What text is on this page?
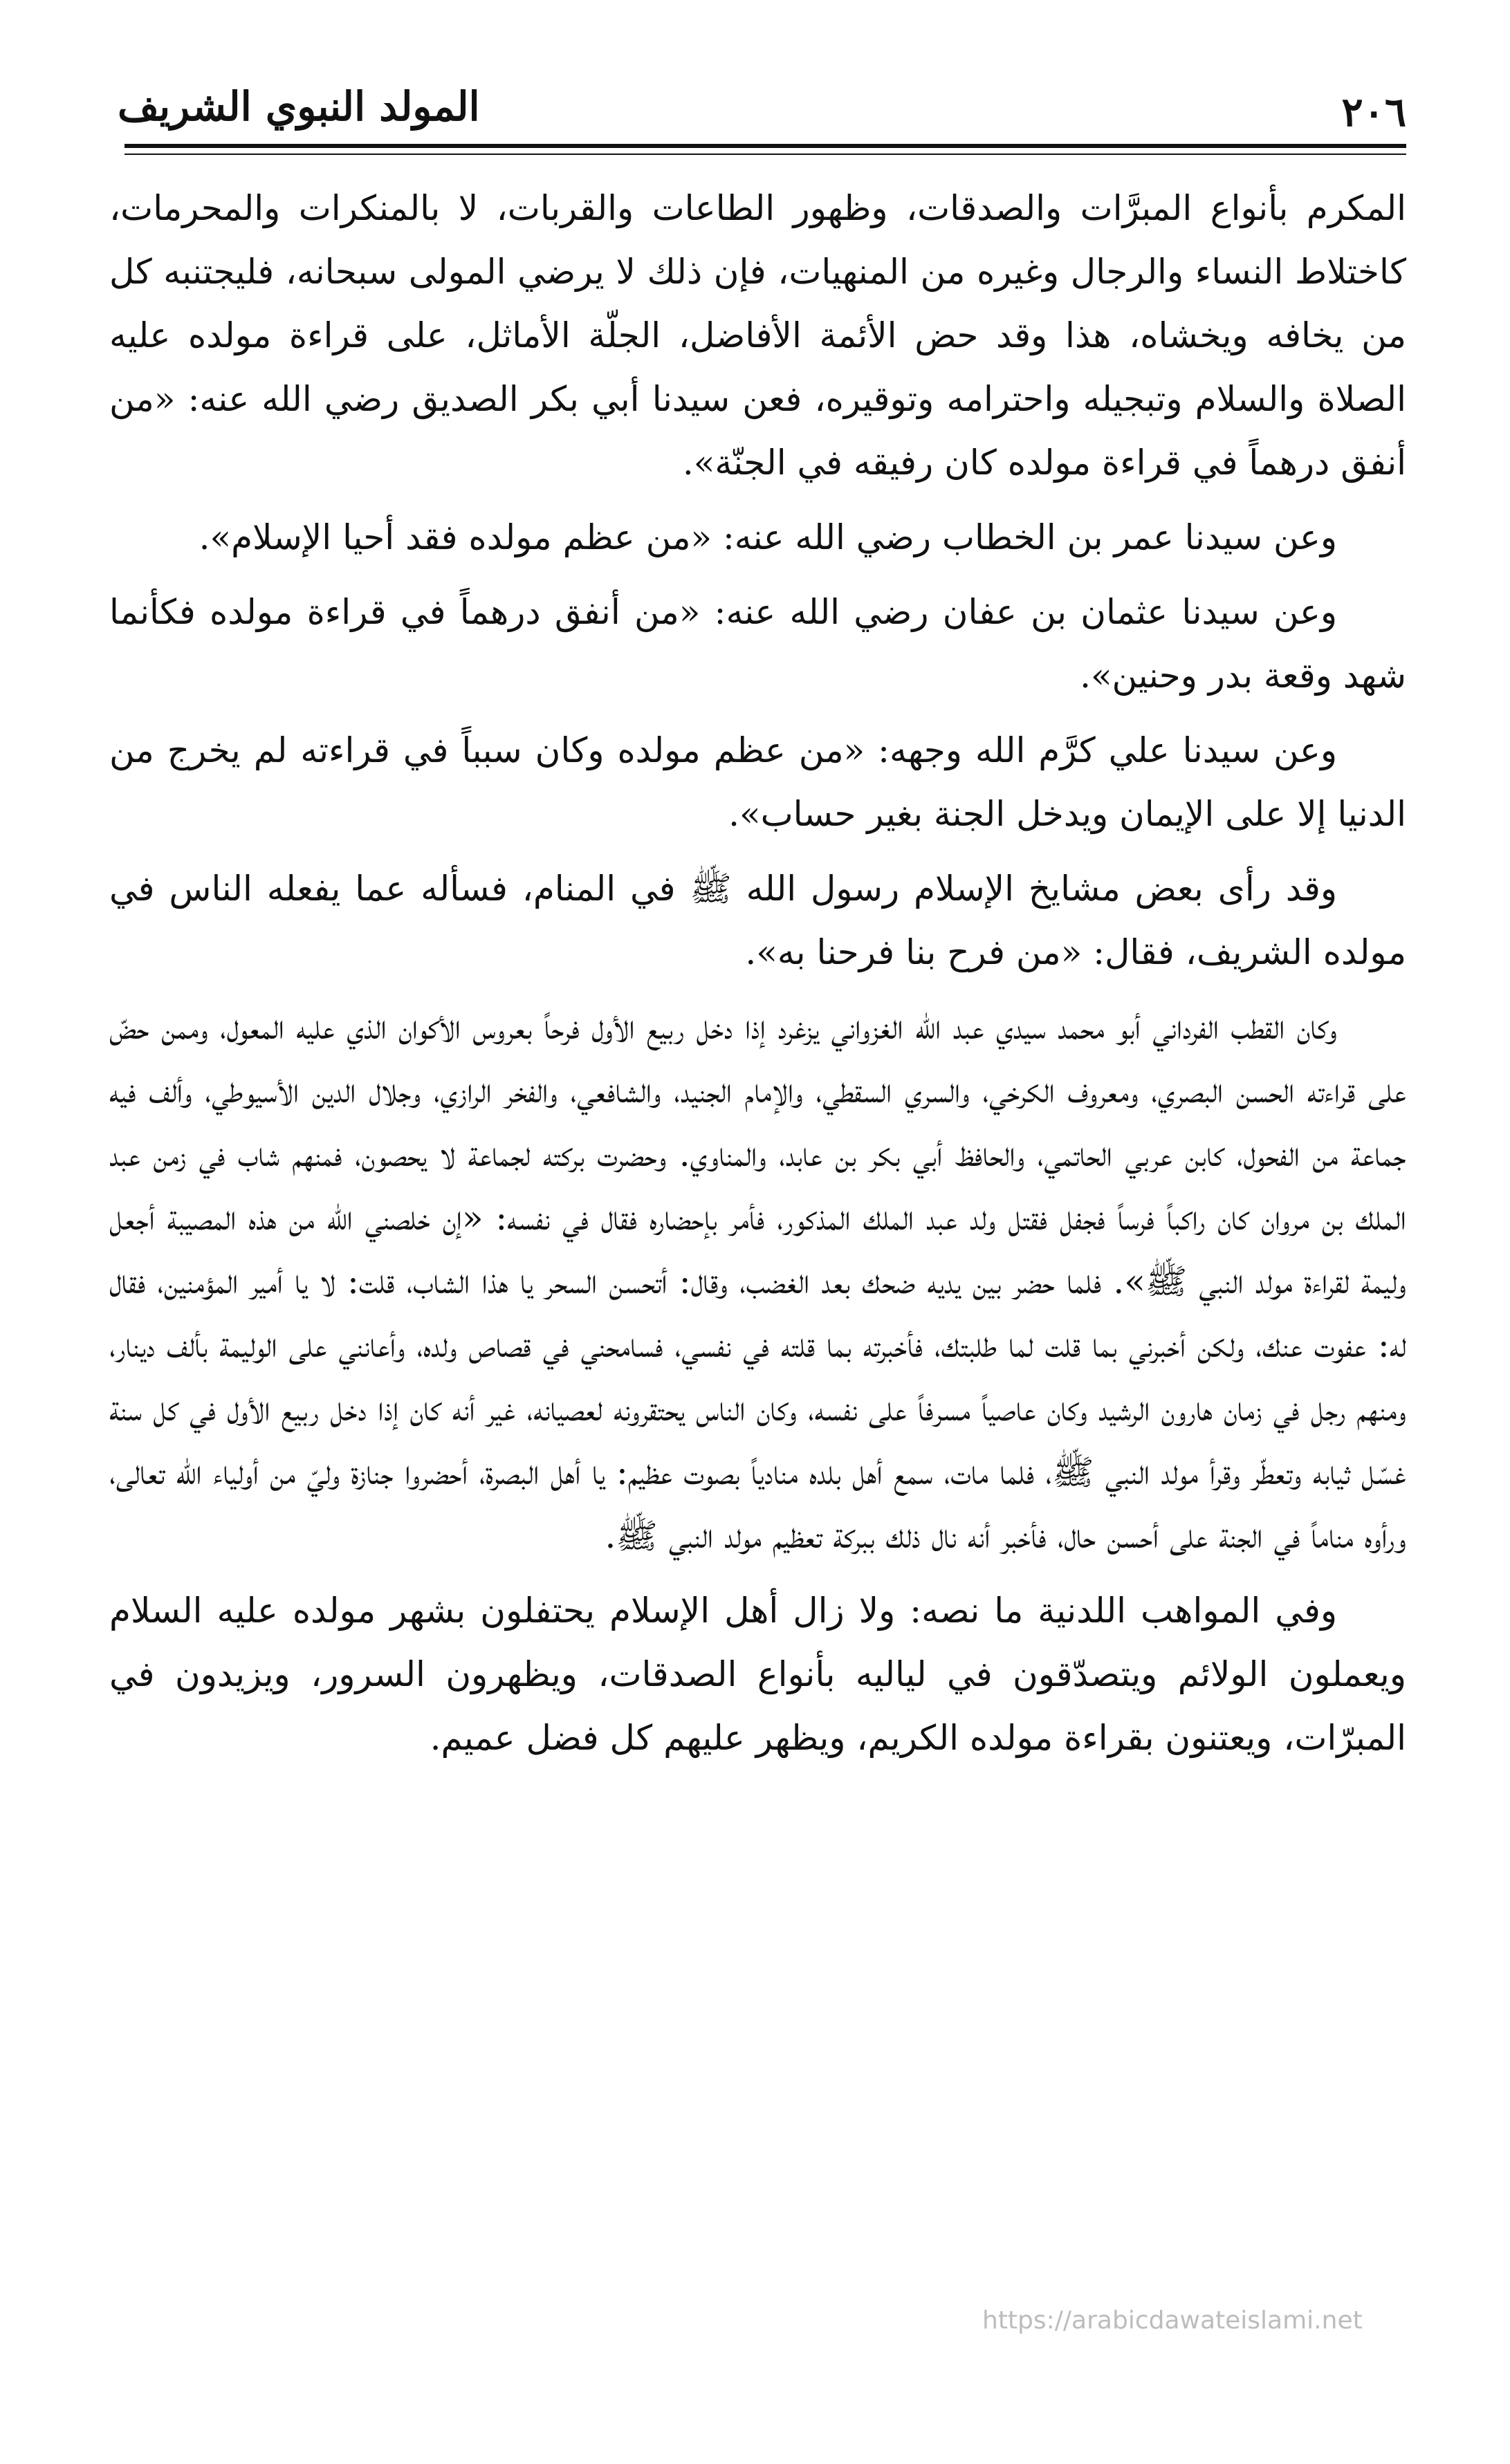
المولد النبوي الشريف	٢٠٦

المكرم بأنواع المبرَّات والصدقات، وظهور الطاعات والقربات، لا بالمنكرات والمحرمات، كاختلاط النساء والرجال وغيره من المنهيات، فإن ذلك لا يرضي المولى سبحانه، فليجتنبه كل من يخافه ويخشاه، هذا وقد حض الأئمة الأفاضل، الجلّة الأماثل، على قراءة مولده عليه الصلاة والسلام وتبجيله واحترامه وتوقيره، فعن سيدنا أبي بكر الصديق رضي الله عنه: «من أنفق درهماً في قراءة مولده كان رفيقه في الجنّة».

وعن سيدنا عمر بن الخطاب رضي الله عنه: «من عظم مولده فقد أحيا الإسلام».

وعن سيدنا عثمان بن عفان رضي الله عنه: «من أنفق درهماً في قراءة مولده فكأنما شهد وقعة بدر وحنين».

وعن سيدنا علي كرَّم الله وجهه: «من عظم مولده وكان سبباً في قراءته لم يخرج من الدنيا إلا على الإيمان ويدخل الجنة بغير حساب».

وقد رأى بعض مشايخ الإسلام رسول الله ﷺ في المنام، فسأله عما يفعله الناس في مولده الشريف، فقال: «من فرح بنا فرحنا به».

وكان القطب الفرداني أبو محمد سيدي عبد الله الغزواني يزغرد إذا دخل ربيع الأول فرحاً بعروس الأكوان الذي عليه المعول، وممن حضّ على قراءته الحسن البصري، ومعروف الكرخي، والسري السقطي، والإمام الجنيد، والشافعي، والفخر الرازي، وجلال الدين الأسيوطي، وألف فيه جماعة من الفحول، كابن عربي الحاتمي، والحافظ أبي بكر بن عابد، والمناوي. وحضرت بركته لجماعة لا يحصون، فمنهم شاب في زمن عبد الملك بن مروان كان راكباً فرساً فجفل فقتل ولد عبد الملك المذكور، فأمر بإحضاره فقال في نفسه: «إن خلصني الله من هذه المصيبة أجعل وليمة لقراءة مولد النبي ﷺ». فلما حضر بين يديه ضحك بعد الغضب، وقال: أتحسن السحر يا هذا الشاب، قلت: لا يا أمير المؤمنين، فقال له: عفوت عنك، ولكن أخبرني بما قلت لما طلبتك، فأخبرته بما قلته في نفسي، فسامحني في قصاص ولده، وأعانني على الوليمة بألف دينار، ومنهم رجل في زمان هارون الرشيد وكان عاصياً مسرفاً على نفسه، وكان الناس يحتقرونه لعصيانه، غير أنه كان إذا دخل ربيع الأول في كل سنة غسّل ثيابه وتعطّر وقرأ مولد النبي ﷺ، فلما مات، سمع أهل بلده منادياً بصوت عظيم: يا أهل البصرة، أحضروا جنازة وليّ من أولياء الله تعالى، ورأوه مناماً في الجنة على أحسن حال، فأخبر أنه نال ذلك ببركة تعظيم مولد النبي ﷺ.

وفي المواهب اللدنية ما نصه: ولا زال أهل الإسلام يحتفلون بشهر مولده عليه السلام ويعملون الولائم ويتصدّقون في لياليه بأنواع الصدقات، ويظهرون السرور، ويزيدون في المبرّات، ويعتنون بقراءة مولده الكريم، ويظهر عليهم كل فضل عميم.

https://arabicdawateislami.net
